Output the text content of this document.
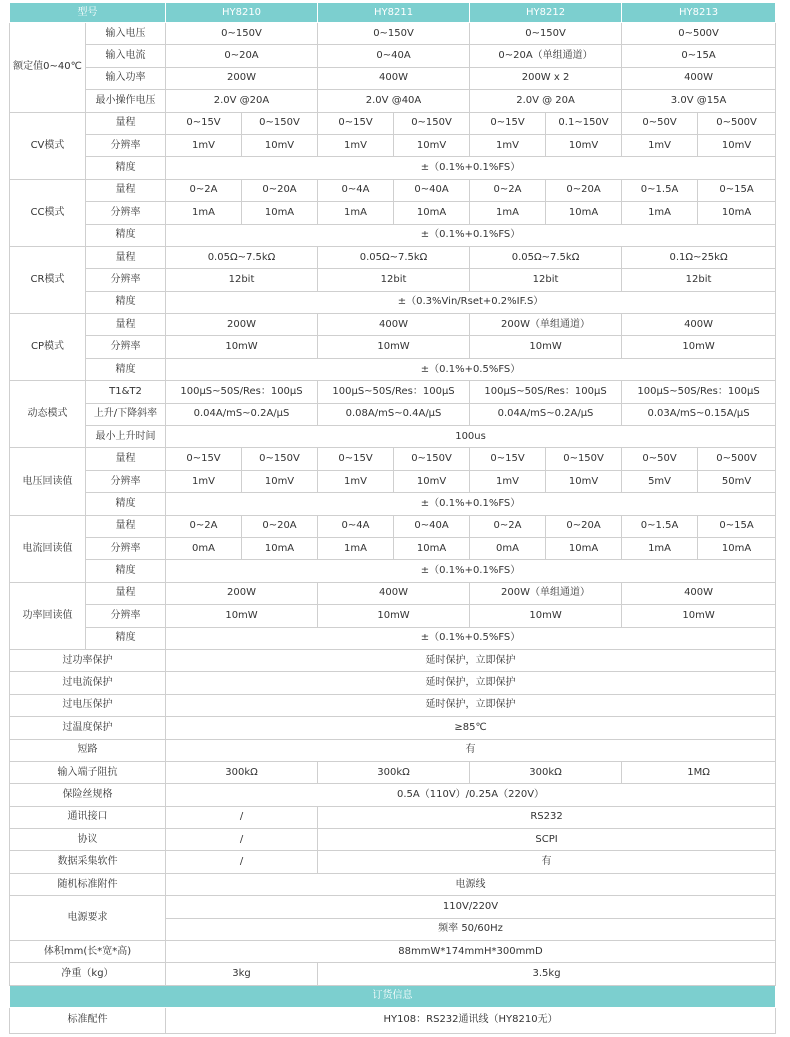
型号		HY8210		HY8211		HY8212		HY8213	
额定值0~40℃	输入电压	0~150V		0~150V		0~150V		0~500V	
	输入电流	0~20A		0~40A		0~20A（单组通道）		0~15A	
	输入功率	200W		400W		200W x 2		400W	
	最小操作电压	2.0V @20A		2.0V @40A		2.0V @ 20A		3.0V @15A	
CV模式	量程	0~15V	0~150V	0~15V	0~150V	0~15V	0.1~150V	0~50V	0~500V
	分辨率	1mV	10mV	1mV	10mV	1mV	10mV	1mV	10mV
	精度	±（0.1%+0.1%FS）							
CC模式	量程	0~2A	0~20A	0~4A	0~40A	0~2A	0~20A	0~1.5A	0~15A
	分辨率	1mA	10mA	1mA	10mA	1mA	10mA	1mA	10mA
	精度	±（0.1%+0.1%FS）							
CR模式	量程	0.05Ω~7.5kΩ		0.05Ω~7.5kΩ		0.05Ω~7.5kΩ		0.1Ω~25kΩ	
	分辨率	12bit		12bit		12bit		12bit	
	精度	±（0.3%Vin/Rset+0.2%IF.S）							
CP模式	量程	200W		400W		200W（单组通道）		400W	
	分辨率	10mW		10mW		10mW		10mW	
	精度	±（0.1%+0.5%FS）							
动态模式	T1&T2	100μS~50S/Res：100μS		100μS~50S/Res：100μS		100μS~50S/Res：100μS		100μS~50S/Res：100μS	
	上升/下降斜率	0.04A/mS~0.2A/μS		0.08A/mS~0.4A/μS		0.04A/mS~0.2A/μS		0.03A/mS~0.15A/μS	
	最小上升时间	100us							
电压回读值	量程	0~15V	0~150V	0~15V	0~150V	0~15V	0~150V	0~50V	0~500V
	分辨率	1mV	10mV	1mV	10mV	1mV	10mV	5mV	50mV
	精度	±（0.1%+0.1%FS）							
电流回读值	量程	0~2A	0~20A	0~4A	0~40A	0~2A	0~20A	0~1.5A	0~15A
	分辨率	0mA	10mA	1mA	10mA	0mA	10mA	1mA	10mA
	精度	±（0.1%+0.1%FS）							
功率回读值	量程	200W		400W		200W（单组通道）		400W	
	分辨率	10mW		10mW		10mW		10mW	
	精度	±（0.1%+0.5%FS）							
过功率保护		延时保护，立即保护							
过电流保护		延时保护，立即保护							
过电压保护		延时保护，立即保护							
过温度保护		≥85℃							
短路		有							
输入端子阻抗		300kΩ		300kΩ		300kΩ		1MΩ	
保险丝规格		0.5A（110V）/0.25A（220V）							
通讯接口		/		RS232					
协议		/		SCPI					
数据采集软件		/		有					
随机标准附件		电源线							
电源要求		110V/220V							
		频率 50/60Hz							
体积mm(长*宽*高)		88mmW*174mmH*300mmD							
净重（kg）		3kg		3.5kg					
订货信息									
标准配件		HY108：RS232通讯线（HY8210无）							
